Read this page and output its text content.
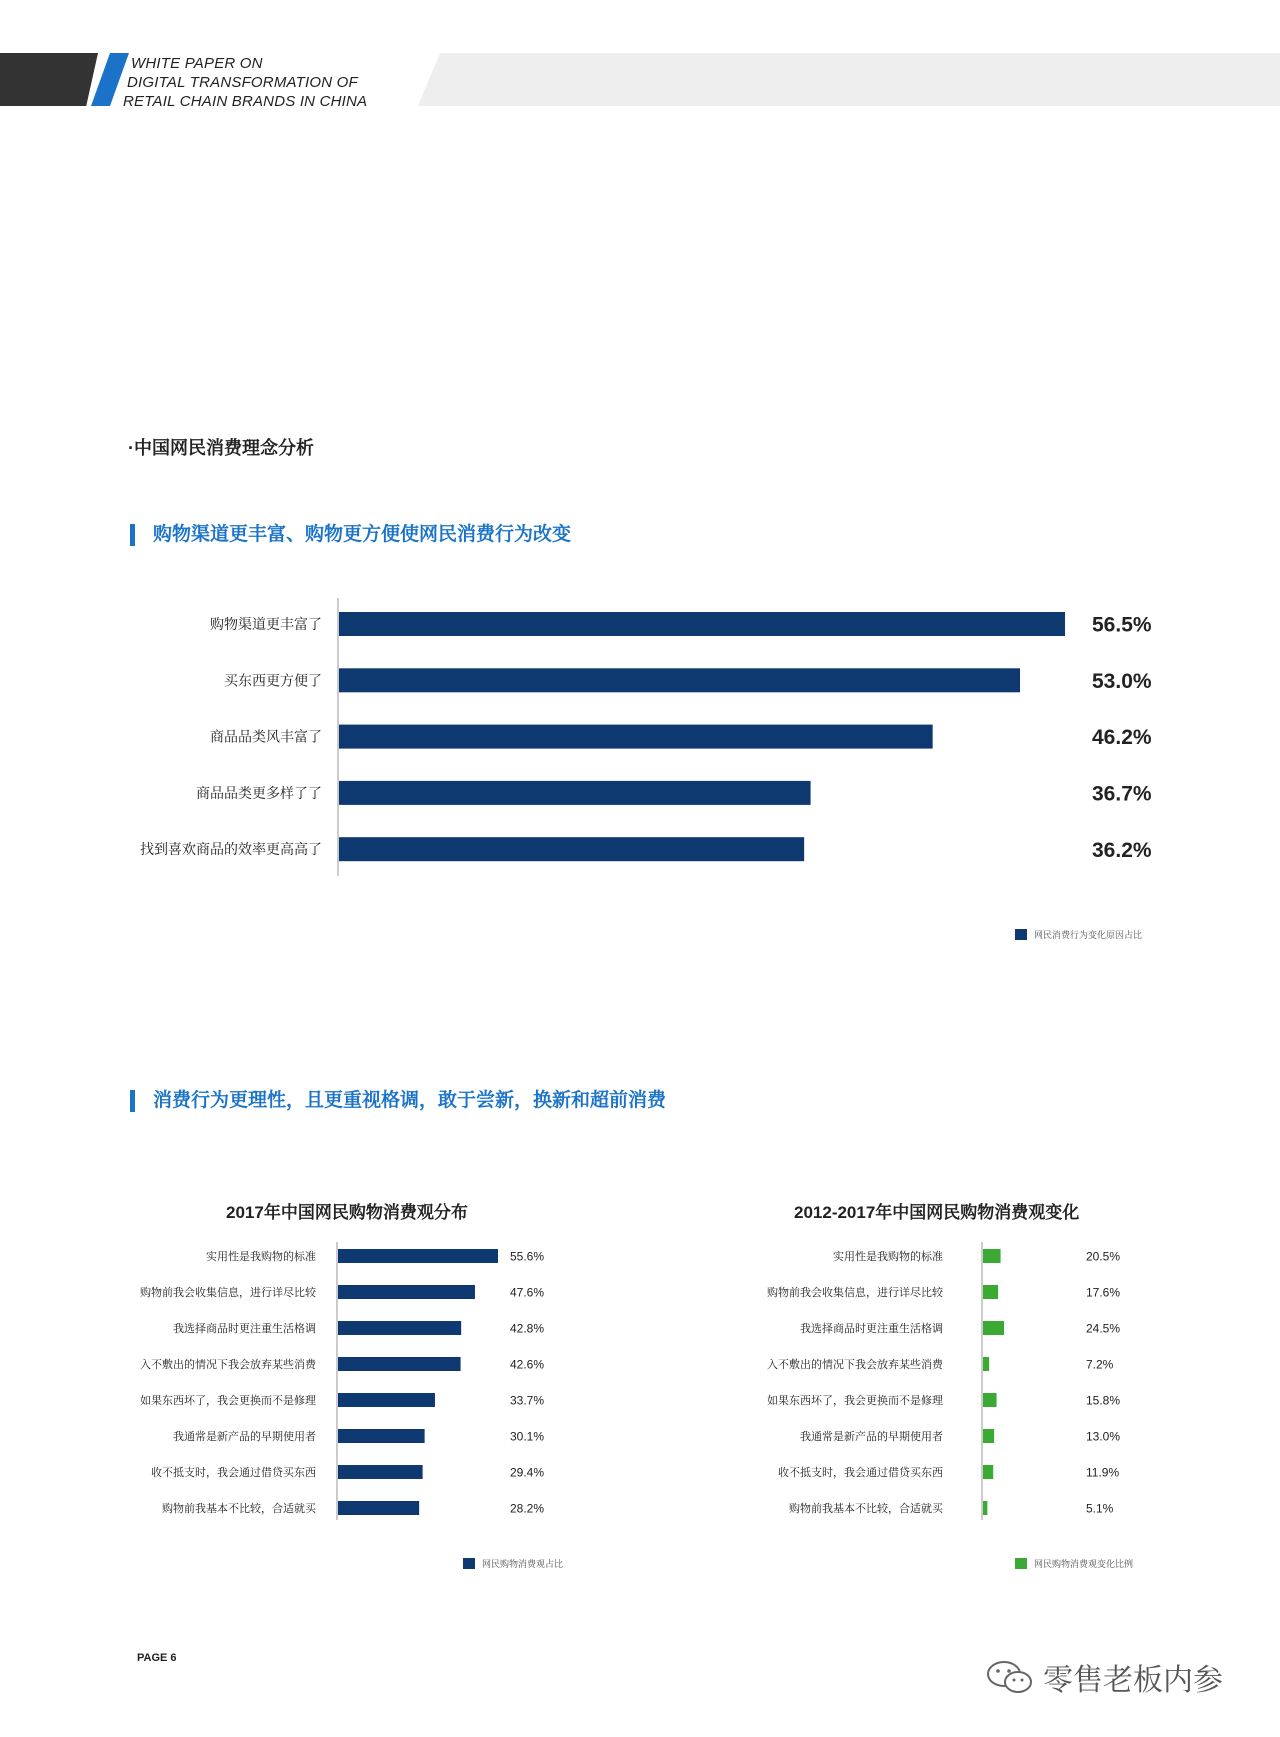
WHITE PAPER ON
DIGITAL TRANSFORMATION OF
RETAIL CHAIN BRANDS IN CHINA
·中国网民消费理念分析
购物渠道更丰富、购物更方便使网民消费行为改变
消费行为更理性，且更重视格调，敢于尝新，换新和超前消费
购物渠道更丰富了	56.5%
买东西更方便了	53.0%
商品品类风丰富了	46.2%
商品品类更多样了了	36.7%
找到喜欢商品的效率更高高了	36.2%
网民消费行为变化原因占比
2017年中国网民购物消费观分布
实用性是我购物的标准	55.6%
购物前我会收集信息，进行详尽比较	47.6%
我选择商品时更注重生活格调	42.8%
入不敷出的情况下我会放弃某些消费	42.6%
如果东西坏了，我会更换而不是修理	33.7%
我通常是新产品的早期使用者	30.1%
收不抵支时，我会通过借贷买东西	29.4%
购物前我基本不比较，合适就买	28.2%
网民购物消费观占比
2012-2017年中国网民购物消费观变化
实用性是我购物的标准	20.5%
购物前我会收集信息，进行详尽比较	17.6%
我选择商品时更注重生活格调	24.5%
入不敷出的情况下我会放弃某些消费	7.2%
如果东西坏了，我会更换而不是修理	15.8%
我通常是新产品的早期使用者	13.0%
收不抵支时，我会通过借贷买东西	11.9%
购物前我基本不比较，合适就买	5.1%
网民购物消费观变化比例
PAGE 6
零售老板内参
